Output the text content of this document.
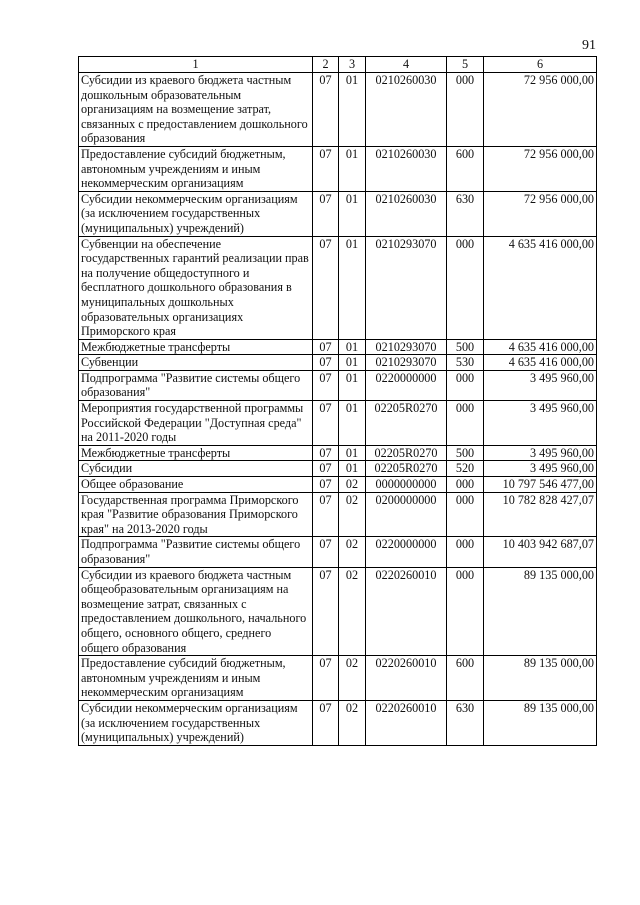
91
1	2	3	4	5	6
Субсидии из краевого бюджета частным дошкольным образовательным организациям на возмещение затрат, связанных с предоставлением дошкольного образования	07	01	0210260030	000	72 956 000,00
Предоставление субсидий бюджетным, автономным учреждениям и иным некоммерческим организациям	07	01	0210260030	600	72 956 000,00
Субсидии некоммерческим организациям (за исключением государственных (муниципальных) учреждений)	07	01	0210260030	630	72 956 000,00
Субвенции на обеспечение государственных гарантий реализации прав на получение общедоступного и бесплатного дошкольного образования в муниципальных дошкольных образовательных организациях Приморского края	07	01	0210293070	000	4 635 416 000,00
Межбюджетные трансферты	07	01	0210293070	500	4 635 416 000,00
Субвенции	07	01	0210293070	530	4 635 416 000,00
Подпрограмма "Развитие системы общего образования"	07	01	0220000000	000	3 495 960,00
Мероприятия государственной программы Российской Федерации "Доступная среда" на 2011-2020 годы	07	01	02205R0270	000	3 495 960,00
Межбюджетные трансферты	07	01	02205R0270	500	3 495 960,00
Субсидии	07	01	02205R0270	520	3 495 960,00
Общее образование	07	02	0000000000	000	10 797 546 477,00
Государственная программа Приморского края "Развитие образования Приморского края" на 2013-2020 годы	07	02	0200000000	000	10 782 828 427,07
Подпрограмма "Развитие системы общего образования"	07	02	0220000000	000	10 403 942 687,07
Субсидии из краевого бюджета частным общеобразовательным организациям на возмещение затрат, связанных с предоставлением дошкольного, начального общего, основного общего, среднего общего образования	07	02	0220260010	000	89 135 000,00
Предоставление субсидий бюджетным, автономным учреждениям и иным некоммерческим организациям	07	02	0220260010	600	89 135 000,00
Субсидии некоммерческим организациям (за исключением государственных (муниципальных) учреждений)	07	02	0220260010	630	89 135 000,00
